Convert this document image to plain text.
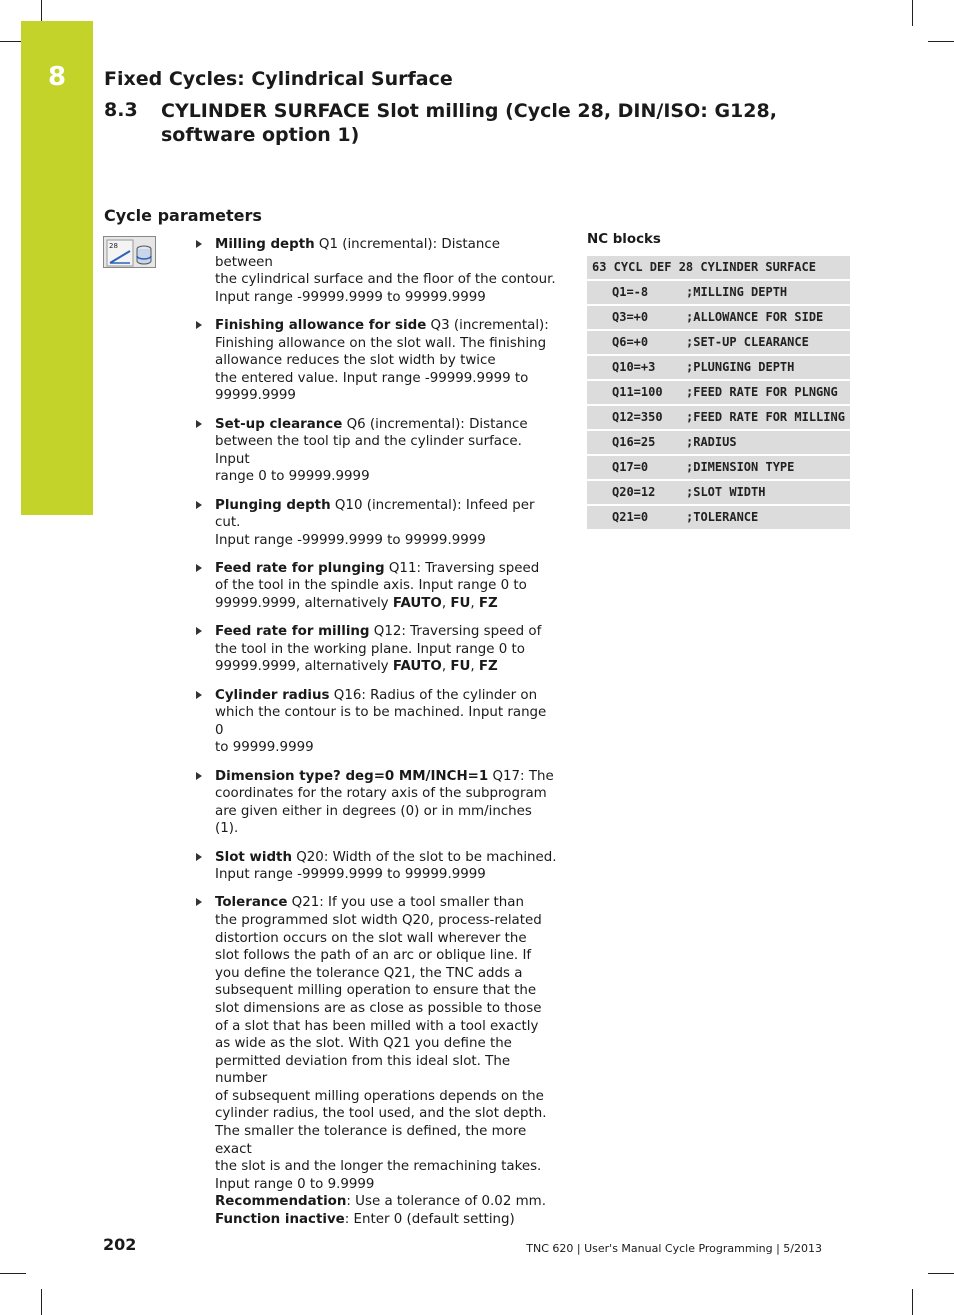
8	Fixed Cycles: Cylindrical Surface
8.3 CYLINDER SURFACE Slot milling (Cycle 28, DIN/ISO: G128,
software option 1)
Cycle parameters
28	Milling depth Q1 (incremental): Distance between
the cylindrical surface and the floor of the contour.
Input range -99999.9999 to 99999.9999
Finishing allowance for side Q3 (incremental):
Finishing allowance on the slot wall. The finishing
allowance reduces the slot width by twice
the entered value. Input range -99999.9999 to
99999.9999
Set-up clearance Q6 (incremental): Distance
between the tool tip and the cylinder surface. Input
range 0 to 99999.9999
Plunging depth Q10 (incremental): Infeed per cut.
Input range -99999.9999 to 99999.9999
Feed rate for plunging Q11: Traversing speed
of the tool in the spindle axis. Input range 0 to
99999.9999, alternatively FAUTO, FU, FZ
Feed rate for milling Q12: Traversing speed of
the tool in the working plane. Input range 0 to
99999.9999, alternatively FAUTO, FU, FZ
Cylinder radius Q16: Radius of the cylinder on
which the contour is to be machined. Input range 0
to 99999.9999
Dimension type? deg=0 MM/INCH=1 Q17: The
coordinates for the rotary axis of the subprogram
are given either in degrees (0) or in mm/inches (1).
Slot width Q20: Width of the slot to be machined.
Input range -99999.9999 to 99999.9999
Tolerance Q21: If you use a tool smaller than
the programmed slot width Q20, process-related
distortion occurs on the slot wall wherever the
slot follows the path of an arc or oblique line. If
you define the tolerance Q21, the TNC adds a
subsequent milling operation to ensure that the
slot dimensions are as close as possible to those
of a slot that has been milled with a tool exactly
as wide as the slot. With Q21 you define the
permitted deviation from this ideal slot. The number
of subsequent milling operations depends on the
cylinder radius, the tool used, and the slot depth.
The smaller the tolerance is defined, the more exact
the slot is and the longer the remachining takes.
Input range 0 to 9.9999
Recommendation: Use a tolerance of 0.02 mm.
Function inactive: Enter 0 (default setting)
NC blocks
63 CYCL DEF 28 CYLINDER SURFACE	
Q1=-8	;MILLING DEPTH
Q3=+0	;ALLOWANCE FOR SIDE
Q6=+0	;SET-UP CLEARANCE
Q10=+3	;PLUNGING DEPTH
Q11=100	;FEED RATE FOR PLNGNG
Q12=350	;FEED RATE FOR MILLING
Q16=25	;RADIUS
Q17=0	;DIMENSION TYPE
Q20=12	;SLOT WIDTH
Q21=0	;TOLERANCE
202	TNC 620 | User's Manual Cycle Programming | 5/2013
